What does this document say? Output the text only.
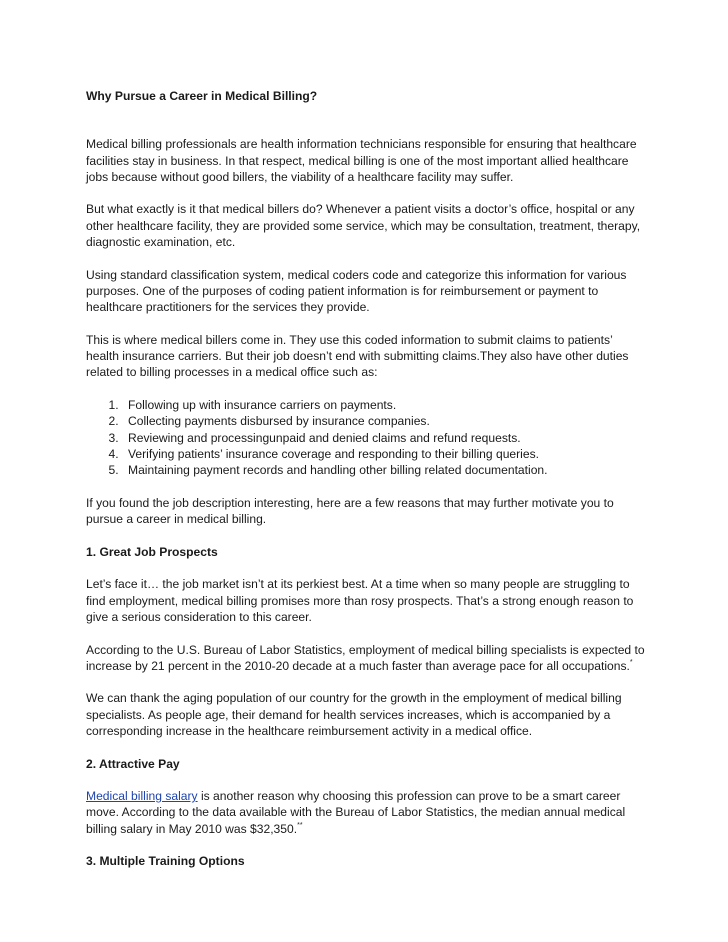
Why Pursue a Career in Medical Billing?

Medical billing professionals are health information technicians responsible for ensuring that healthcare facilities stay in business. In that respect, medical billing is one of the most important allied healthcare jobs because without good billers, the viability of a healthcare facility may suffer.

But what exactly is it that medical billers do? Whenever a patient visits a doctor’s office, hospital or any other healthcare facility, they are provided some service, which may be consultation, treatment, therapy, diagnostic examination, etc.

Using standard classification system, medical coders code and categorize this information for various purposes. One of the purposes of coding patient information is for reimbursement or payment to healthcare practitioners for the services they provide.

This is where medical billers come in. They use this coded information to submit claims to patients’ health insurance carriers. But their job doesn’t end with submitting claims.They also have other duties related to billing processes in a medical office such as:

1. Following up with insurance carriers on payments.
2. Collecting payments disbursed by insurance companies.
3. Reviewing and processingunpaid and denied claims and refund requests.
4. Verifying patients’ insurance coverage and responding to their billing queries.
5. Maintaining payment records and handling other billing related documentation.

If you found the job description interesting, here are a few reasons that may further motivate you to pursue a career in medical billing.

1. Great Job Prospects

Let’s face it… the job market isn’t at its perkiest best. At a time when so many people are struggling to find employment, medical billing promises more than rosy prospects. That’s a strong enough reason to give a serious consideration to this career.

According to the U.S. Bureau of Labor Statistics, employment of medical billing specialists is expected to increase by 21 percent in the 2010-20 decade at a much faster than average pace for all occupations.*

We can thank the aging population of our country for the growth in the employment of medical billing specialists. As people age, their demand for health services increases, which is accompanied by a corresponding increase in the healthcare reimbursement activity in a medical office.

2. Attractive Pay

Medical billing salary is another reason why choosing this profession can prove to be a smart career move. According to the data available with the Bureau of Labor Statistics, the median annual medical billing salary in May 2010 was $32,350.**

3. Multiple Training Options
